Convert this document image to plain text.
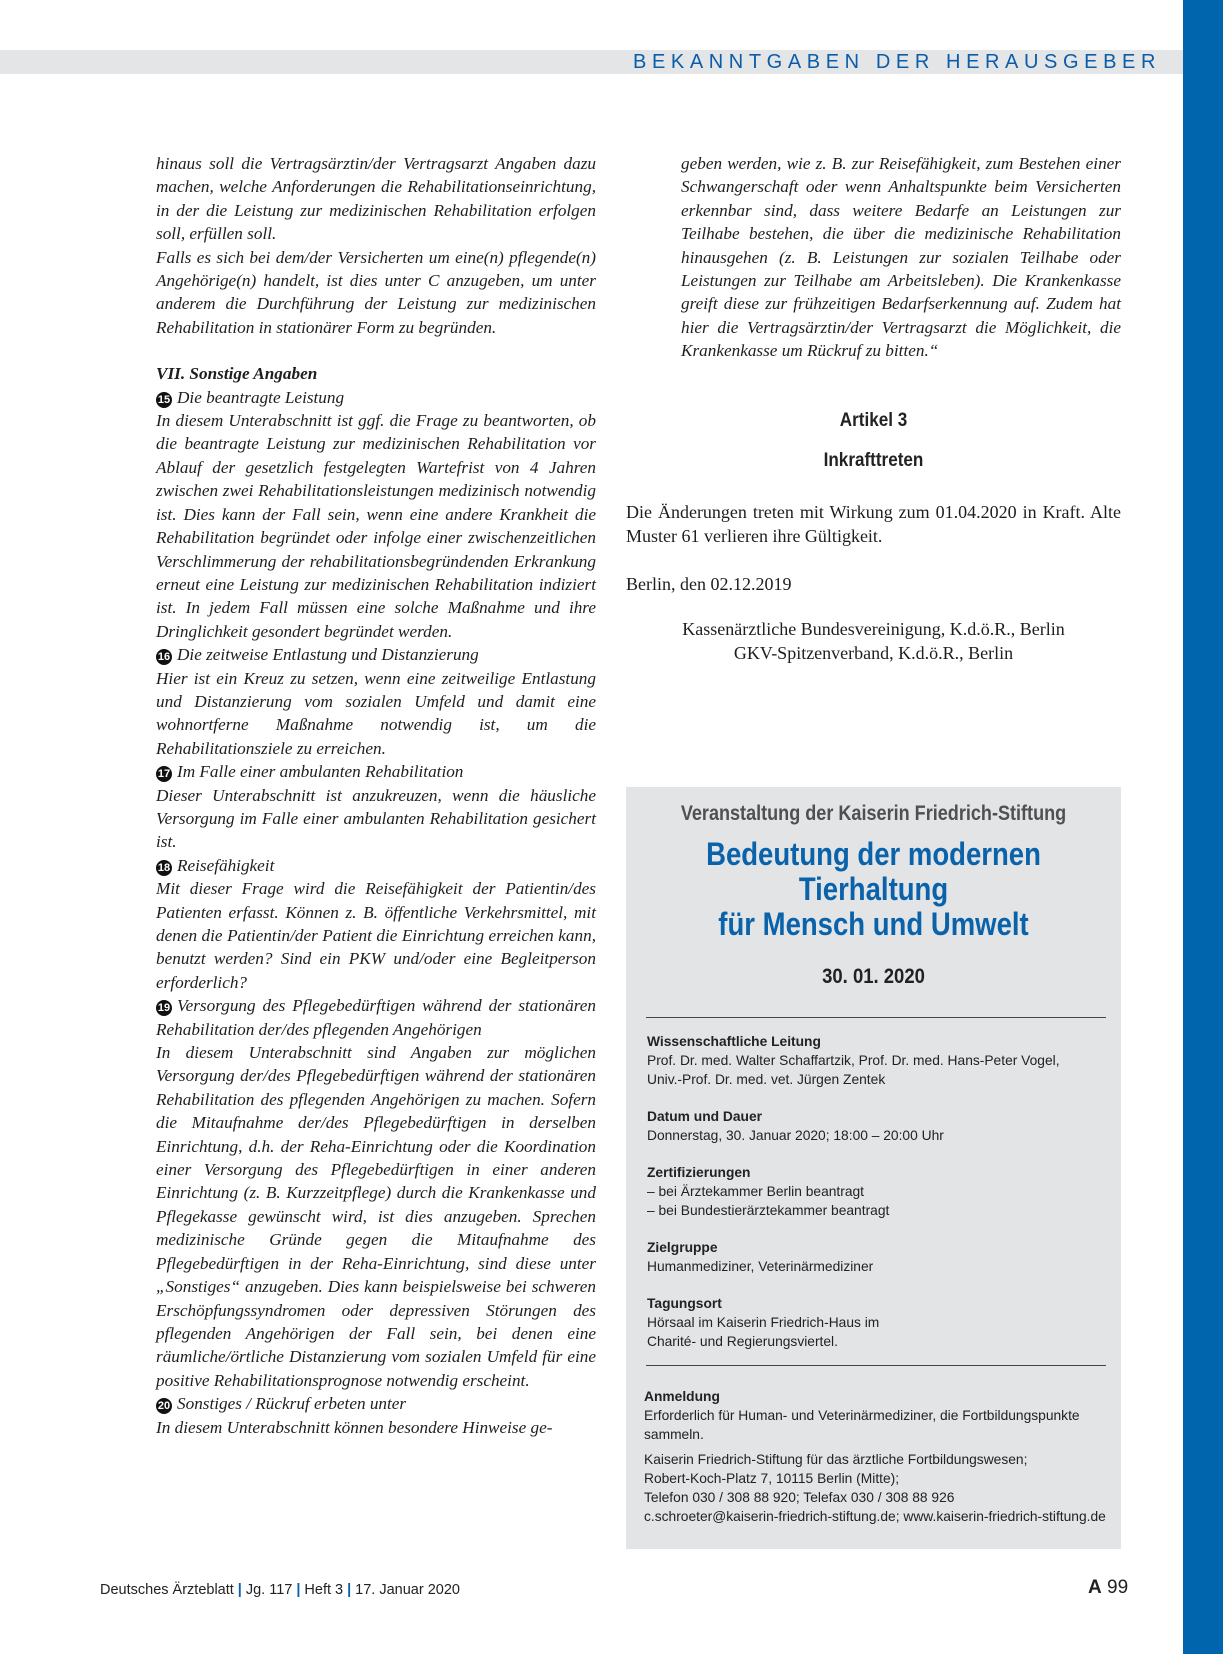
BEKANNTGABEN DER HERAUSGEBER

hinaus soll die Vertragsärztin/der Vertragsarzt Angaben dazu machen, welche Anforderungen die Rehabilitationseinrichtung, in der die Leistung zur medizinischen Rehabilitation erfolgen soll, erfüllen soll.

Falls es sich bei dem/der Versicherten um eine(n) pflegende(n) Angehörige(n) handelt, ist dies unter C anzugeben, um unter anderem die Durchführung der Leistung zur medizinischen Rehabilitation in stationärer Form zu begründen.

VII. Sonstige Angaben

15 Die beantragte Leistung
In diesem Unterabschnitt ist ggf. die Frage zu beantworten, ob die beantragte Leistung zur medizinischen Rehabilitation vor Ablauf der gesetzlich festgelegten Wartefrist von 4 Jahren zwischen zwei Rehabilitationsleistungen medizinisch notwendig ist. Dies kann der Fall sein, wenn eine andere Krankheit die Rehabilitation begründet oder infolge einer zwischenzeitlichen Verschlimmerung der rehabilitationsbegründenden Erkrankung erneut eine Leistung zur medizinischen Rehabilitation indiziert ist. In jedem Fall müssen eine solche Maßnahme und ihre Dringlichkeit gesondert begründet werden.

16 Die zeitweise Entlastung und Distanzierung
Hier ist ein Kreuz zu setzen, wenn eine zeitweilige Entlastung und Distanzierung vom sozialen Umfeld und damit eine wohnortferne Maßnahme notwendig ist, um die Rehabilitationsziele zu erreichen.

17 Im Falle einer ambulanten Rehabilitation
Dieser Unterabschnitt ist anzukreuzen, wenn die häusliche Versorgung im Falle einer ambulanten Rehabilitation gesichert ist.

18 Reisefähigkeit
Mit dieser Frage wird die Reisefähigkeit der Patientin/des Patienten erfasst. Können z. B. öffentliche Verkehrsmittel, mit denen die Patientin/der Patient die Einrichtung erreichen kann, benutzt werden? Sind ein PKW und/oder eine Begleitperson erforderlich?

19 Versorgung des Pflegebedürftigen während der stationären Rehabilitation der/des pflegenden Angehörigen
In diesem Unterabschnitt sind Angaben zur möglichen Versorgung der/des Pflegebedürftigen während der stationären Rehabilitation des pflegenden Angehörigen zu machen. Sofern die Mitaufnahme der/des Pflegebedürftigen in derselben Einrichtung, d.h. der Reha-Einrichtung oder die Koordination einer Versorgung des Pflegebedürftigen in einer anderen Einrichtung (z. B. Kurzzeitpflege) durch die Krankenkasse und Pflegekasse gewünscht wird, ist dies anzugeben. Sprechen medizinische Gründe gegen die Mitaufnahme des Pflegebedürftigen in der Reha-Einrichtung, sind diese unter „Sonstiges“ anzugeben. Dies kann beispielsweise bei schweren Erschöpfungssyndromen oder depressiven Störungen des pflegenden Angehörigen der Fall sein, bei denen eine räumliche/örtliche Distanzierung vom sozialen Umfeld für eine positive Rehabilitationsprognose notwendig erscheint.

20 Sonstiges / Rückruf erbeten unter
In diesem Unterabschnitt können besondere Hinweise ge-

geben werden, wie z. B. zur Reisefähigkeit, zum Bestehen einer Schwangerschaft oder wenn Anhaltspunkte beim Versicherten erkennbar sind, dass weitere Bedarfe an Leistungen zur Teilhabe bestehen, die über die medizinische Rehabilitation hinausgehen (z. B. Leistungen zur sozialen Teilhabe oder Leistungen zur Teilhabe am Arbeitsleben). Die Krankenkasse greift diese zur frühzeitigen Bedarfserkennung auf. Zudem hat hier die Vertragsärztin/der Vertragsarzt die Möglichkeit, die Krankenkasse um Rückruf zu bitten.“

Artikel 3
Inkrafttreten

Die Änderungen treten mit Wirkung zum 01.04.2020 in Kraft. Alte Muster 61 verlieren ihre Gültigkeit.

Berlin, den 02.12.2019

Kassenärztliche Bundesvereinigung, K.d.ö.R., Berlin
GKV-Spitzenverband, K.d.ö.R., Berlin
Veranstaltung der Kaiserin Friedrich-Stiftung
Bedeutung der modernen
Tierhaltung
für Mensch und Umwelt
30. 01. 2020
Wissenschaftliche Leitung
Prof. Dr. med. Walter Schaffartzik, Prof. Dr. med. Hans-Peter Vogel,
Univ.-Prof. Dr. med. vet. Jürgen Zentek
Datum und Dauer
Donnerstag, 30. Januar 2020; 18:00 – 20:00 Uhr
Zertifizierungen
– bei Ärztekammer Berlin beantragt
– bei Bundestierärztekammer beantragt
Zielgruppe
Humanmediziner, Veterinärmediziner
Tagungsort
Hörsaal im Kaiserin Friedrich-Haus im
Charité- und Regierungsviertel.
Anmeldung
Erforderlich für Human- und Veterinärmediziner, die Fortbildungspunkte
sammeln.
Kaiserin Friedrich-Stiftung für das ärztliche Fortbildungswesen;
Robert-Koch-Platz 7, 10115 Berlin (Mitte);
Telefon 030 / 308 88 920; Telefax 030 / 308 88 926
c.schroeter@kaiserin-friedrich-stiftung.de; www.kaiserin-friedrich-stiftung.de
Deutsches Ärzteblatt | Jg. 117 | Heft 3 | 17. Januar 2020	A 99
